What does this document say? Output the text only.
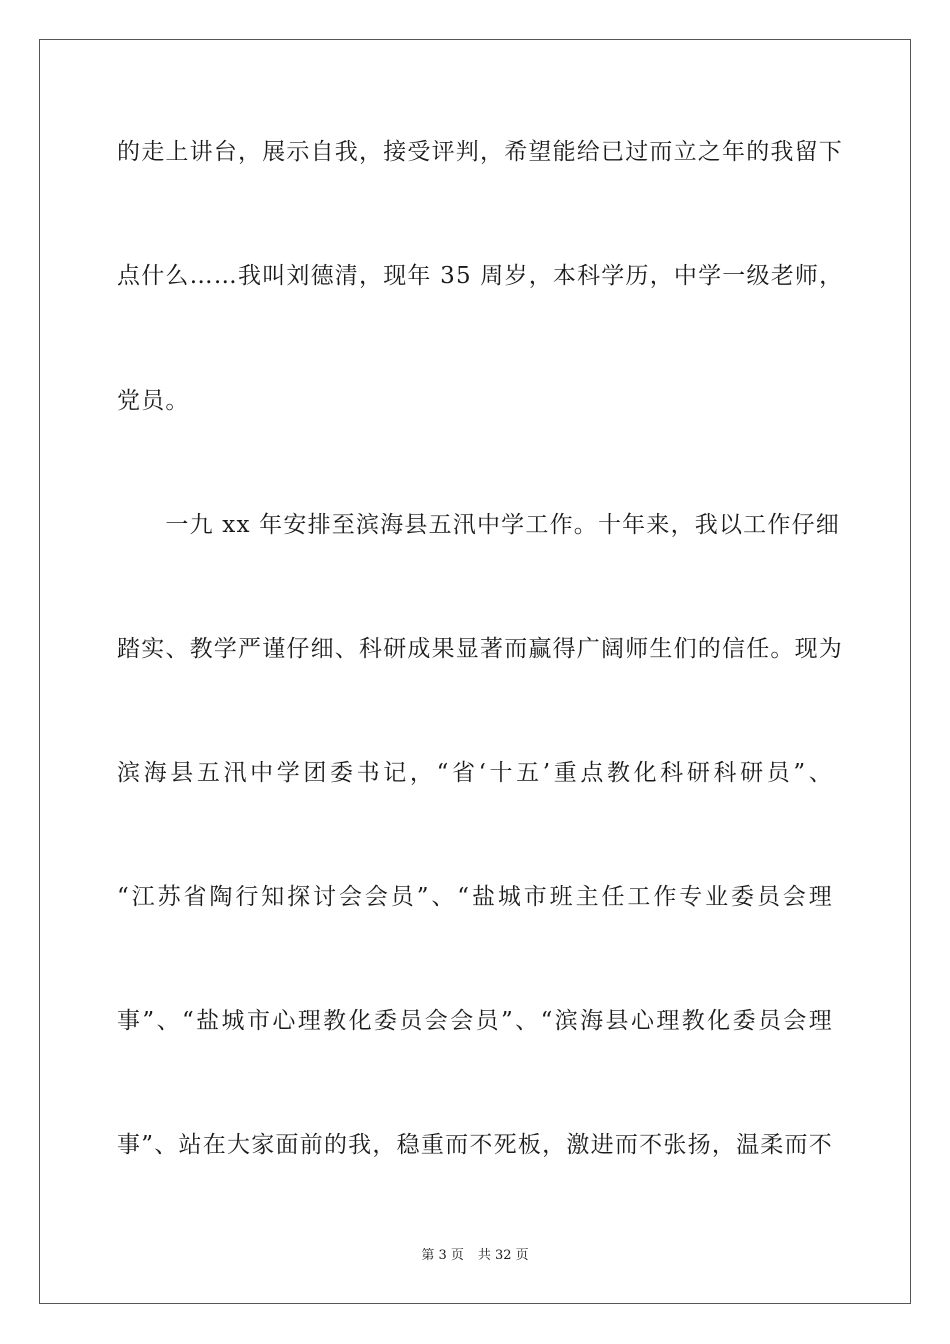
的走上讲台，展示自我，接受评判，希望能给已过而立之年的我留下
点什么……我叫刘德清，现年 35 周岁，本科学历，中学一级老师，
党员。
　　一九 xx 年安排至滨海县五汛中学工作。十年来，我以工作仔细
踏实、教学严谨仔细、科研成果显著而赢得广阔师生们的信任。现为
滨海县五汛中学团委书记，“省‘十五’重点教化科研科研员”、
“江苏省陶行知探讨会会员”、“盐城市班主任工作专业委员会理
事”、“盐城市心理教化委员会会员”、“滨海县心理教化委员会理
事”、站在大家面前的我，稳重而不死板，激进而不张扬，温柔而不
第 3 页 共 32 页
